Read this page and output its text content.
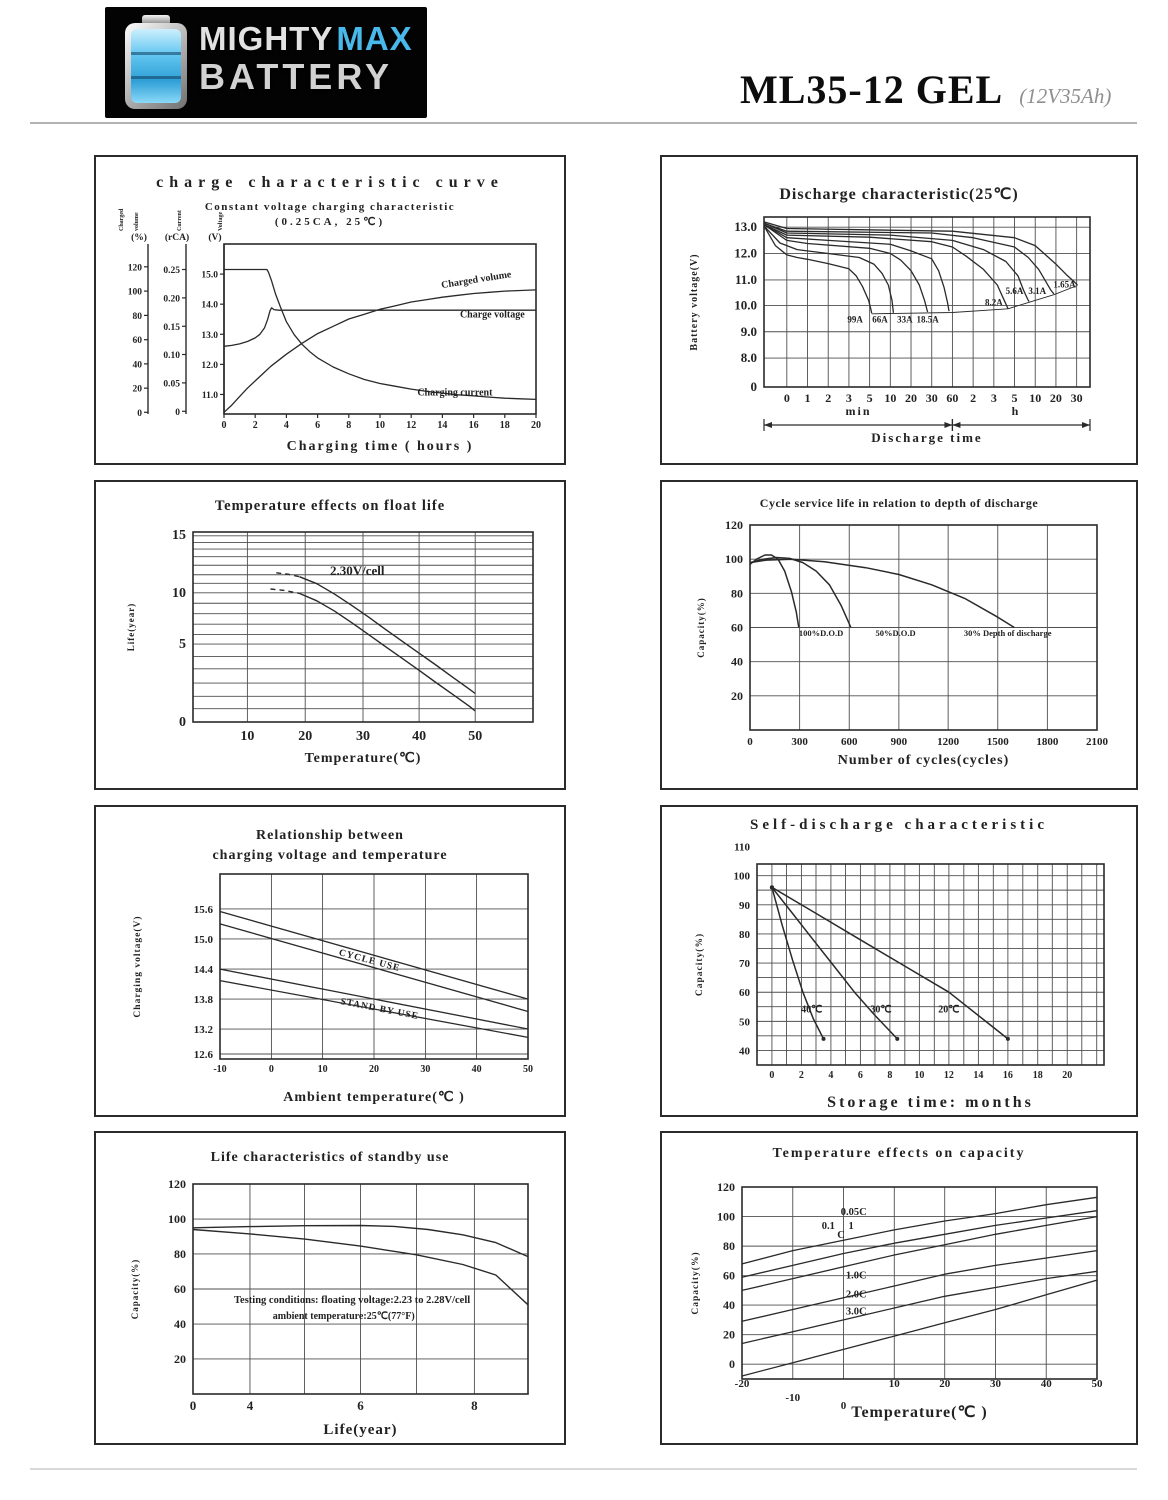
MIGHTYMAX
BATTERY	ML35-12 GEL (12V35Ah)
charge characteristic curve
Constant voltage charging characteristic
(0.25CA, 25℃)
0	2	4	6	8 10 12 14 16 18 20
(%)
0
20
40
60
80
100
120
(rCA)
0
0.05
0.10
0.15
0.20
0.25
(V)
11.0
12.0
13.0
14.0
15.0
Charged volume	Current	Voltage
Charged volume
Charge voltage
Charging current
Charging time ( hours )
Discharge characteristic(25℃)
0 1 2 3 5 10 20 30 60 2 3 5 10 20 30
0
8.0
9.0
10.0
11.0
12.0
13.0
99A 66A 33A 18.5A
8.2A
5.6A 3.1A
1.65A
min	h
Discharge time
Battery voltage(V)
Temperature effects on float life
10	20	30	40	50
0
5
10
15
2.30V/cell
Temperature(℃)
Life(year)
Cycle service life in relation to depth of discharge
0	300	600	900	1200	1500	1800	2100
20
40
60
80
100
120
100%D.O.D	50%D.O.D	30% Depth of discharge
Number of cycles(cycles)
Capacity(%)
Relationship between
charging voltage and temperature
-10	0	10	20	30	40	50
12.6
13.2
13.8
14.4
15.0
15.6
CYCLE USE
STAND BY USE
Ambient temperature(℃ )
Charging voltage(V)
Self-discharge characteristic
0 2 4 6 8 10 12 14 16 18 20
40
50
60
70
80
90
100
110
40℃	30℃	20℃
Storage time: months
Capacity(%)
Life characteristics of standby use
0	4	6	8
20
40
60
80
100
120
Testing conditions: floating voltage:2.23 to 2.28V/cell
ambient temperature:25℃(77°F)
Life(year)
Capacity(%)
Temperature effects on capacity
-20
-10
0
10	20	30	40	50
0
20
40
60
80
100
120
0.05C
0.1 1
C
1.0C
2.0C
3.0C
Temperature(℃ )
Capacity(%)
